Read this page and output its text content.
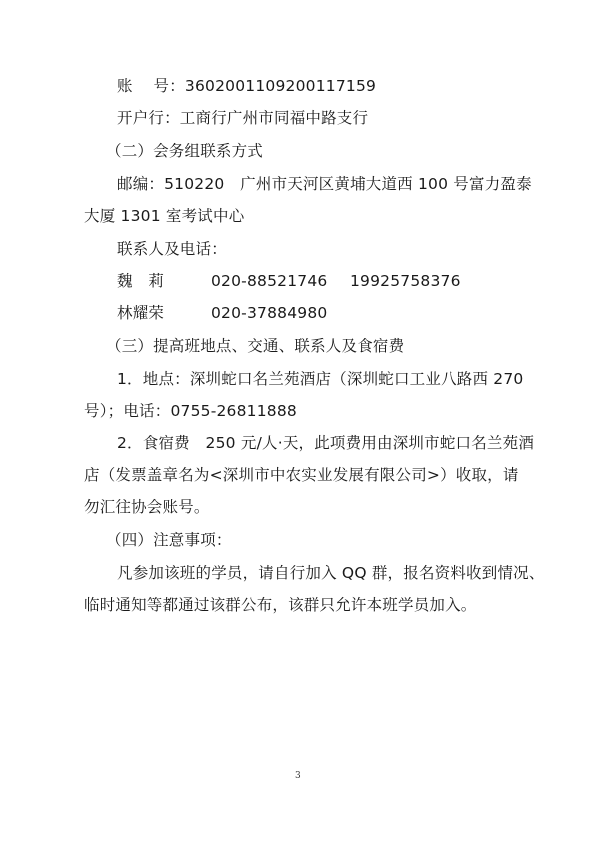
账　 号：3602001109200117159
开户行：工商行广州市同福中路支行
（二）会务组联系方式
邮编：510220　广州市天河区黄埔大道西 100 号富力盈泰
大厦 1301 室考试中心
联系人及电话：
魏　莉	020-88521746 19925758376
林耀荣	020-37884980
（三）提高班地点、交通、联系人及食宿费
1．地点：深圳蛇口名兰苑酒店（深圳蛇口工业八路西 270
号）；电话：0755-26811888
2．食宿费　250 元/人·天，此项费用由深圳市蛇口名兰苑酒
店（发票盖章名为<深圳市中农实业发展有限公司>）收取，请
勿汇往协会账号。
（四）注意事项：
凡参加该班的学员，请自行加入 QQ 群，报名资料收到情况、
临时通知等都通过该群公布，该群只允许本班学员加入。
3
